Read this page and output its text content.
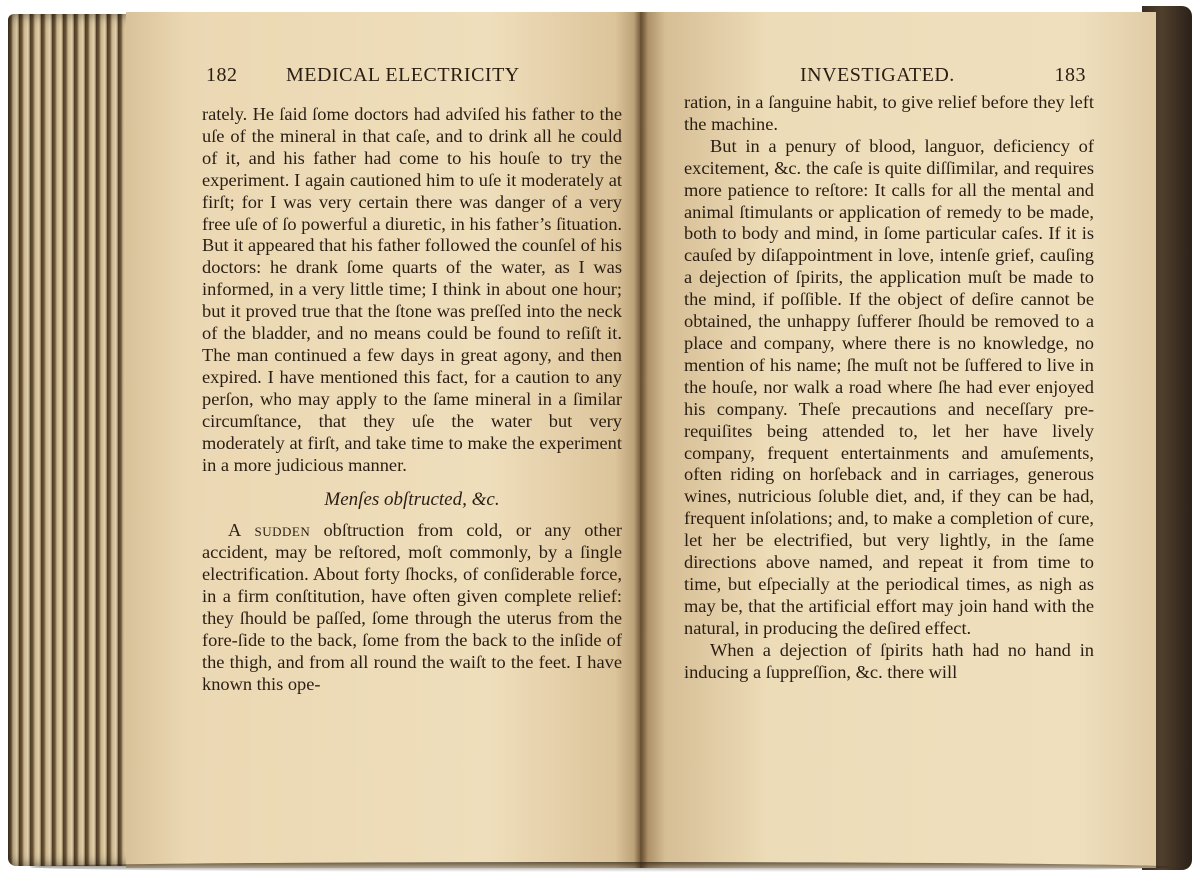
182 MEDICAL ELECTRICITY

rately. He ſaid ſome doctors had adviſed his father to the uſe of the mineral in that caſe, and to drink all he could of it, and his father had come to his houſe to try the experiment. I again cautioned him to uſe it moderately at firſt; for I was very certain there was danger of a very free uſe of ſo powerful a diuretic, in his father’s ſituation. But it appeared that his father followed the counſel of his doctors: he drank ſome quarts of the water, as I was informed, in a very little time; I think in about one hour; but it proved true that the ſtone was preſſed into the neck of the bladder, and no means could be found to reſiſt it. The man continued a few days in great agony, and then expired. I have mentioned this fact, for a caution to any perſon, who may apply to the ſame mineral in a ſimilar circumſtance, that they uſe the water but very moderately at firſt, and take time to make the experiment in a more judicious manner.

Menſes obſtructed, &c.

A sudden obſtruction from cold, or any other accident, may be reſtored, moſt commonly, by a ſingle electrification. About forty ſhocks, of conſiderable force, in a firm conſtitution, have often given complete relief: they ſhould be paſſed, ſome through the uterus from the fore-ſide to the back, ſome from the back to the inſide of the thigh, and from all round the waiſt to the feet. I have known this ope-

INVESTIGATED.	183

ration, in a ſanguine habit, to give relief before they left the machine.

But in a penury of blood, languor, deficiency of excitement, &c. the caſe is quite diſſimilar, and requires more patience to reſtore: It calls for all the mental and animal ſtimulants or application of remedy to be made, both to body and mind, in ſome particular caſes. If it is cauſed by diſappointment in love, intenſe grief, cauſing a dejection of ſpirits, the application muſt be made to the mind, if poſſible. If the object of deſire cannot be obtained, the unhappy ſufferer ſhould be removed to a place and company, where there is no knowledge, no mention of his name; ſhe muſt not be ſuffered to live in the houſe, nor walk a road where ſhe had ever enjoyed his company. Theſe precautions and neceſſary pre-requiſites being attended to, let her have lively company, frequent entertainments and amuſements, often riding on horſeback and in carriages, generous wines, nutricious ſoluble diet, and, if they can be had, frequent inſolations; and, to make a completion of cure, let her be electrified, but very lightly, in the ſame directions above named, and repeat it from time to time, but eſpecially at the periodical times, as nigh as may be, that the artificial effort may join hand with the natural, in producing the deſired effect.

When a dejection of ſpirits hath had no hand in inducing a ſuppreſſion, &c. there will
